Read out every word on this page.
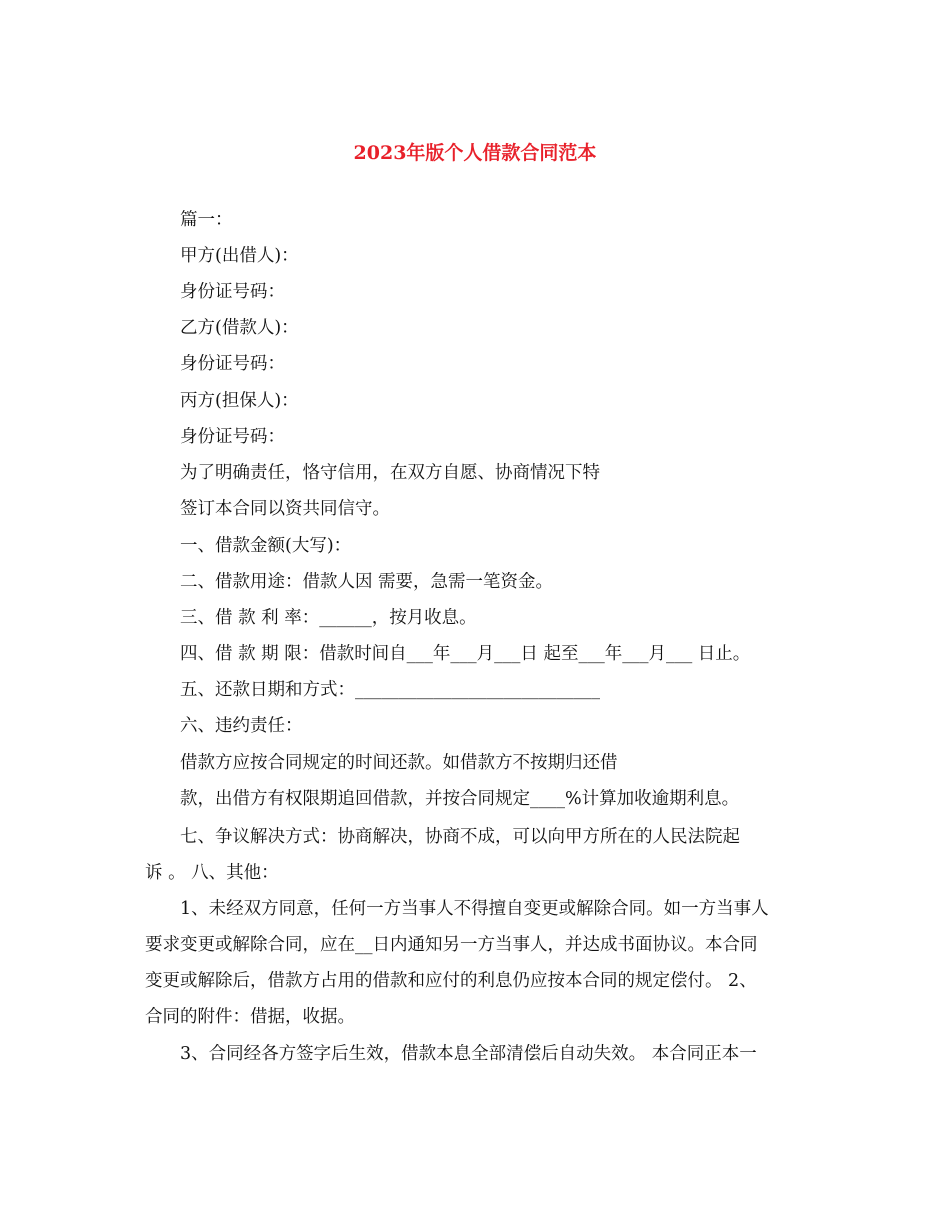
2023年版个人借款合同范本
篇一：
甲方(出借人)：
身份证号码：
乙方(借款人)：
身份证号码：
丙方(担保人)：
身份证号码：
为了明确责任，恪守信用，在双方自愿、协商情况下特
签订本合同以资共同信守。
一、借款金额(大写)：
二、借款用途：借款人因 需要，急需一笔资金。
三、借 款 利 率：______，按月收息。
四、借 款 期 限：借款时间自___年___月___日 起至___年___月___ 日止。
五、还款日期和方式：____________________________
六、违约责任：
借款方应按合同规定的时间还款。如借款方不按期归还借
款，出借方有权限期追回借款，并按合同规定____%计算加收逾期利息。
七、争议解决方式：协商解决，协商不成，可以向甲方所在的人民法院起
诉 。 八、其他：
1、未经双方同意，任何一方当事人不得擅自变更或解除合同。如一方当事人
要求变更或解除合同，应在__日内通知另一方当事人，并达成书面协议。本合同
变更或解除后，借款方占用的借款和应付的利息仍应按本合同的规定偿付。 2、
合同的附件：借据，收据。
3、合同经各方签字后生效，借款本息全部清偿后自动失效。 本合同正本一
